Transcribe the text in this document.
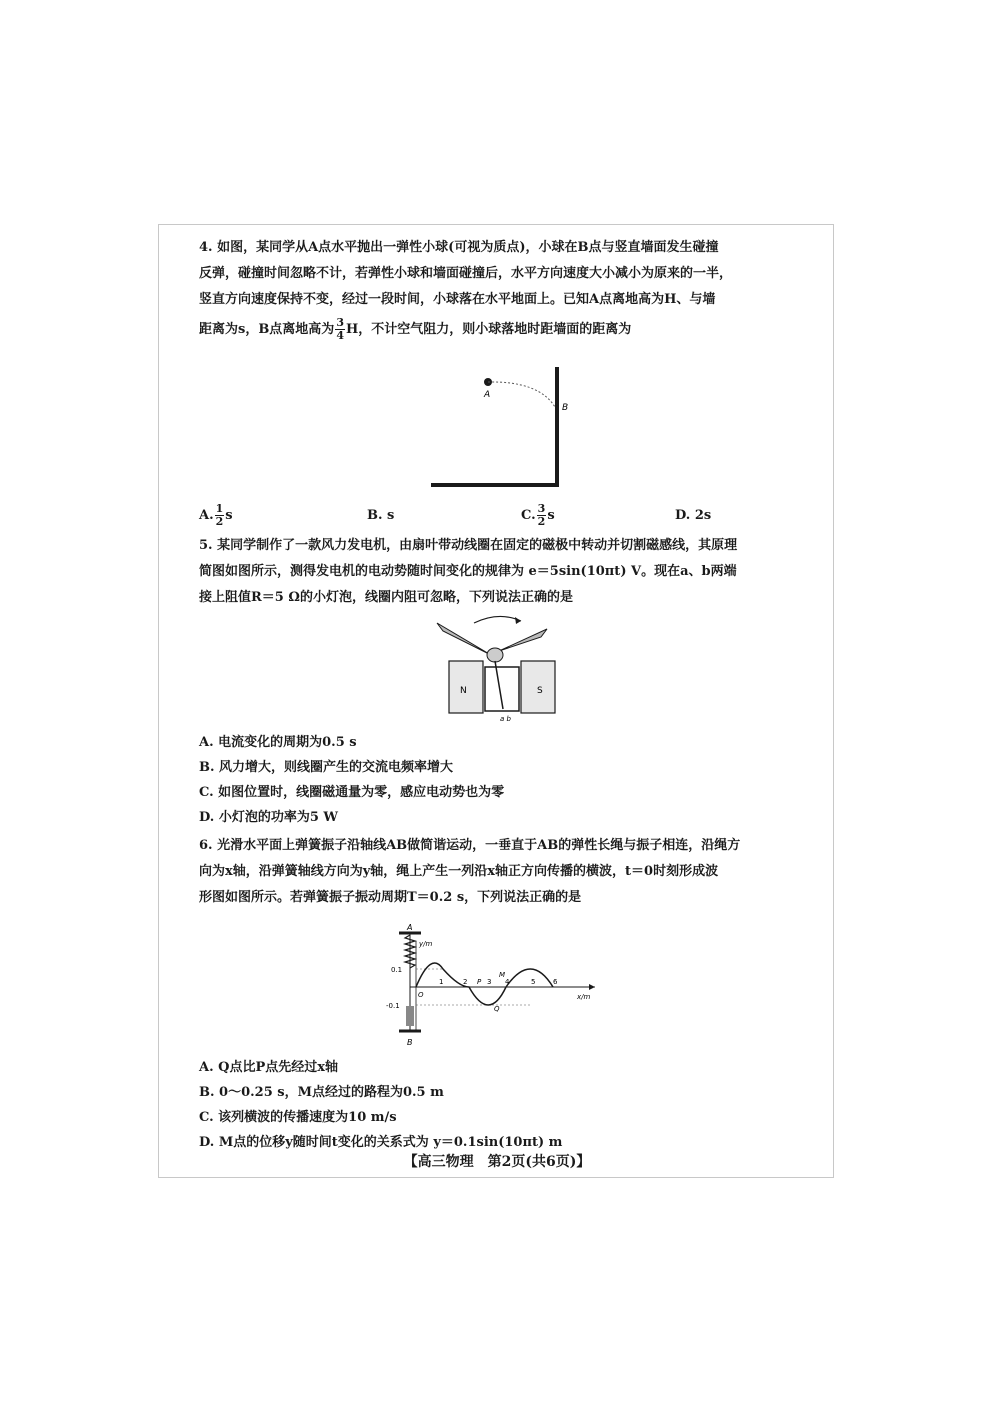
4. 如图，某同学从A点水平抛出一弹性小球(可视为质点)，小球在B点与竖直墙面发生碰撞

反弹，碰撞时间忽略不计，若弹性小球和墙面碰撞后，水平方向速度大小减小为原来的一半，

竖直方向速度保持不变，经过一段时间，小球落在水平地面上。已知A点离地高为H、与墙

距离为s，B点离地高为 $\frac{3}{4}$ H，不计空气阻力，则小球落地时距墙面的距离为

A
B
A. $\frac{1}{2}$ s	B. s	C. $\frac{3}{2}$ s	D. 2s

5. 某同学制作了一款风力发电机，由扇叶带动线圈在固定的磁极中转动并切割磁感线，其原理

简图如图所示，测得发电机的电动势随时间变化的规律为 e＝5sin(10πt) V。现在a、b两端

接上阻值R＝5 Ω的小灯泡，线圈内阻可忽略，下列说法正确的是

N	S
a b
A. 电流变化的周期为0.5 s
B. 风力增大，则线圈产生的交流电频率增大
C. 如图位置时，线圈磁通量为零，感应电动势也为零
D. 小灯泡的功率为5 W

6. 光滑水平面上弹簧振子沿轴线AB做简谐运动，一垂直于AB的弹性长绳与振子相连，沿绳方

向为x轴，沿弹簧轴线方向为y轴，绳上产生一列沿x轴正方向传播的横波，t＝0时刻形成波

形图如图所示。若弹簧振子振动周期T＝0.2 s，下列说法正确的是

A
B
y/m
x/m
0.1
-0.1
O
1	2	3 4	5	6
P
Q
M
A. Q点比P点先经过x轴
B. 0～0.25 s，M点经过的路程为0.5 m
C. 该列横波的传播速度为10 m/s
D. M点的位移y随时间t变化的关系式为 y＝0.1sin(10πt) m
【高三物理　第2页(共6页)】
